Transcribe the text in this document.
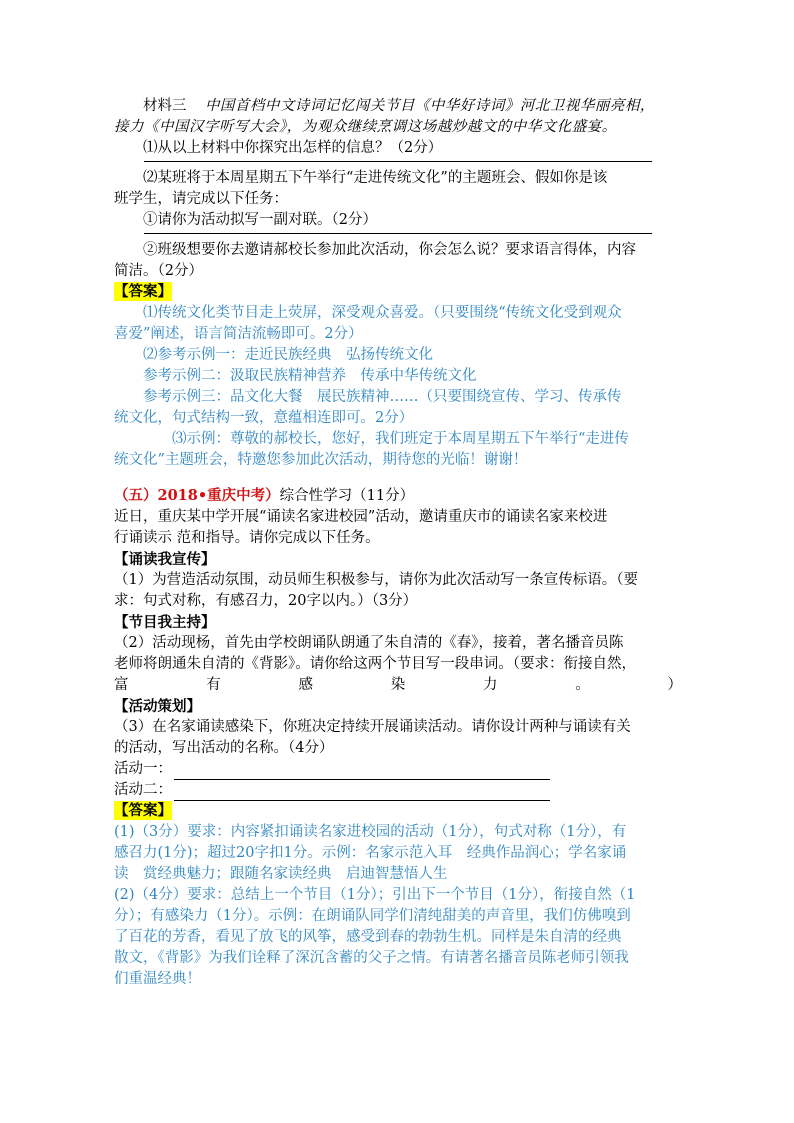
材料三 中国首档中文诗词记忆闯关节目《中华好诗词》河北卫视华丽亮相，

接力《中国汉字听写大会》，为观众继续烹调这场越炒越文的中华文化盛宴。

⑴从以上材料中你探究出怎样的信息？（2分）

⑵某班将于本周星期五下午举行“走进传统文化”的主题班会、假如你是该

班学生，请完成以下任务：

①请你为活动拟写一副对联。（2分）

②班级想要你去邀请郝校长参加此次活动，你会怎么说？要求语言得体，内容

简洁。（2分）

【答案】

⑴传统文化类节目走上荧屏，深受观众喜爱。（只要围绕“传统文化受到观众

喜爱”阐述，语言简洁流畅即可。2分）

⑵参考示例一：走近民族经典　弘扬传统文化

参考示例二：汲取民族精神营养　传承中华传统文化

参考示例三：品文化大餐　展民族精神……（只要围绕宣传、学习、传承传

统文化，句式结构一致，意蕴相连即可。2分）

⑶示例：尊敬的郝校长，您好，我们班定于本周星期五下午举行“走进传

统文化”主题班会，特邀您参加此次活动，期待您的光临！谢谢！

（五）2018•重庆中考）综合性学习（11分）

近日，重庆某中学开展“诵读名家进校园”活动，邀请重庆市的诵读名家来校进

行诵读示 范和指导。请你完成以下任务。

【诵读我宣传】

（1）为营造活动氛围，动员师生积极参与，请你为此次活动写一条宣传标语。（要

求：句式对称，有感召力，20字以内。）（3分）

【节目我主持】

（2）活动现杨，首先由学校朗诵队朗通了朱自清的《春》，接着，著名播音员陈

老师将朗通朱自清的《背影》。请你给这两个节目写一段串词。（要求：衔接自然，

富	有	感	染	力	。	）

【活动策划】

（3）在名家诵读感染下，你班决定持续开展诵读活动。请你设计两种与诵读有关

的活动，写出活动的名称。（4分）

活动一：

活动二：

【答案】

(1)（3分）要求：内容紧扣诵读名家进校园的活动（1分），句式对称（1分），有

感召力(1分)；超过20字扣1分。示例：名家示范入耳　经典作品润心；学名家诵

读　赏经典魅力；跟随名家读经典　启迪智慧悟人生

(2)（4分）要求：总结上一个节目（1分）；引出下一个节目（1分），衔接自然（1

分）；有感染力（1分）。示例：在朗诵队同学们清纯甜美的声音里，我们仿佛嗅到

了百花的芳香，看见了放飞的风筝，感受到春的勃勃生机。同样是朱自清的经典

散文，《背影》为我们诠释了深沉含蓄的父子之情。有请著名播音员陈老师引领我

们重温经典！
